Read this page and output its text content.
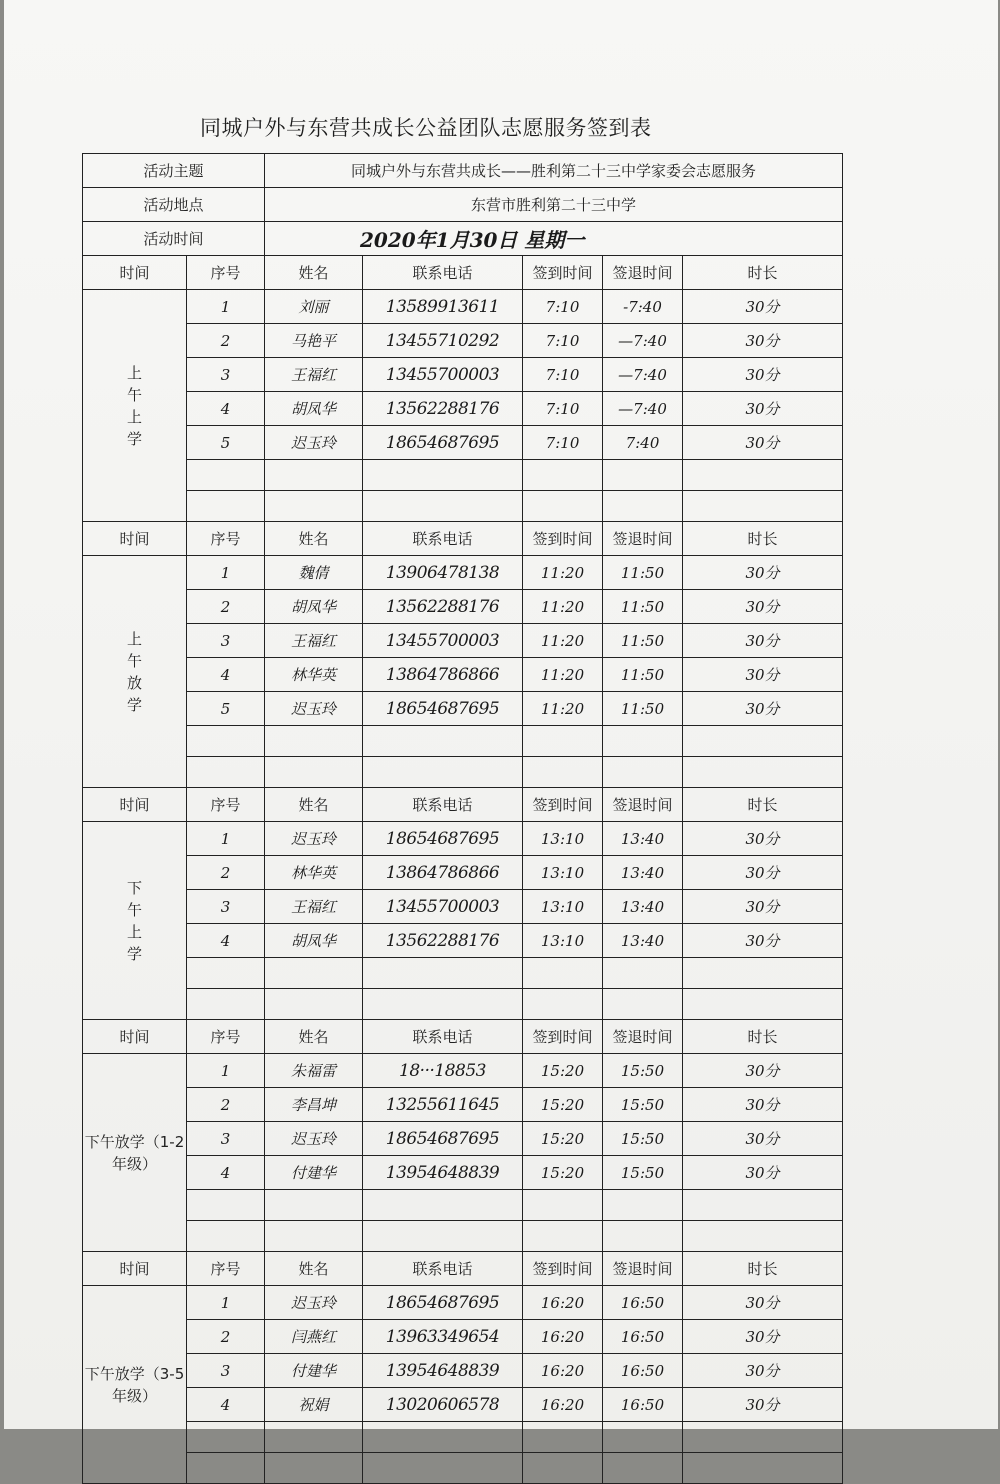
同城户外与东营共成长公益团队志愿服务签到表
活动主题		同城户外与东营共成长——胜利第二十三中学家委会志愿服务				
活动地点		东营市胜利第二十三中学				
活动时间		2020年1月30日 星期一				
时间	序号	姓名	联系电话	签到时间	签退时间	时长
上午上学	1	刘丽	13589913611	7:10	-7:40	30分
	2	马艳平	13455710292	7:10	—7:40	30分
	3	王福红	13455700003	7:10	—7:40	30分
	4	胡凤华	13562288176	7:10	—7:40	30分
	5	迟玉玲	18654687695	7:10	7:40	30分

时间	序号	姓名	联系电话	签到时间	签退时间	时长
上午放学	1	魏倩	13906478138	11:20	11:50	30分
	2	胡凤华	13562288176	11:20	11:50	30分
	3	王福红	13455700003	11:20	11:50	30分
	4	林华英	13864786866	11:20	11:50	30分
	5	迟玉玲	18654687695	11:20	11:50	30分

时间	序号	姓名	联系电话	签到时间	签退时间	时长
下午上学	1	迟玉玲	18654687695	13:10	13:40	30分
	2	林华英	13864786866	13:10	13:40	30分
	3	王福红	13455700003	13:10	13:40	30分
	4	胡凤华	13562288176	13:10	13:40	30分

时间	序号	姓名	联系电话	签到时间	签退时间	时长
下午放学（1-2年级）	1	朱福雷	18···18853	15:20	15:50	30分
	2	李昌坤	13255611645	15:20	15:50	30分
	3	迟玉玲	18654687695	15:20	15:50	30分
	4	付建华	13954648839	15:20	15:50	30分

时间	序号	姓名	联系电话	签到时间	签退时间	时长
下午放学（3-5年级）	1	迟玉玲	18654687695	16:20	16:50	30分
	2	闫燕红	13963349654	16:20	16:50	30分
	3	付建华	13954648839	16:20	16:50	30分
	4	祝娟	13020606578	16:20	16:50	30分
